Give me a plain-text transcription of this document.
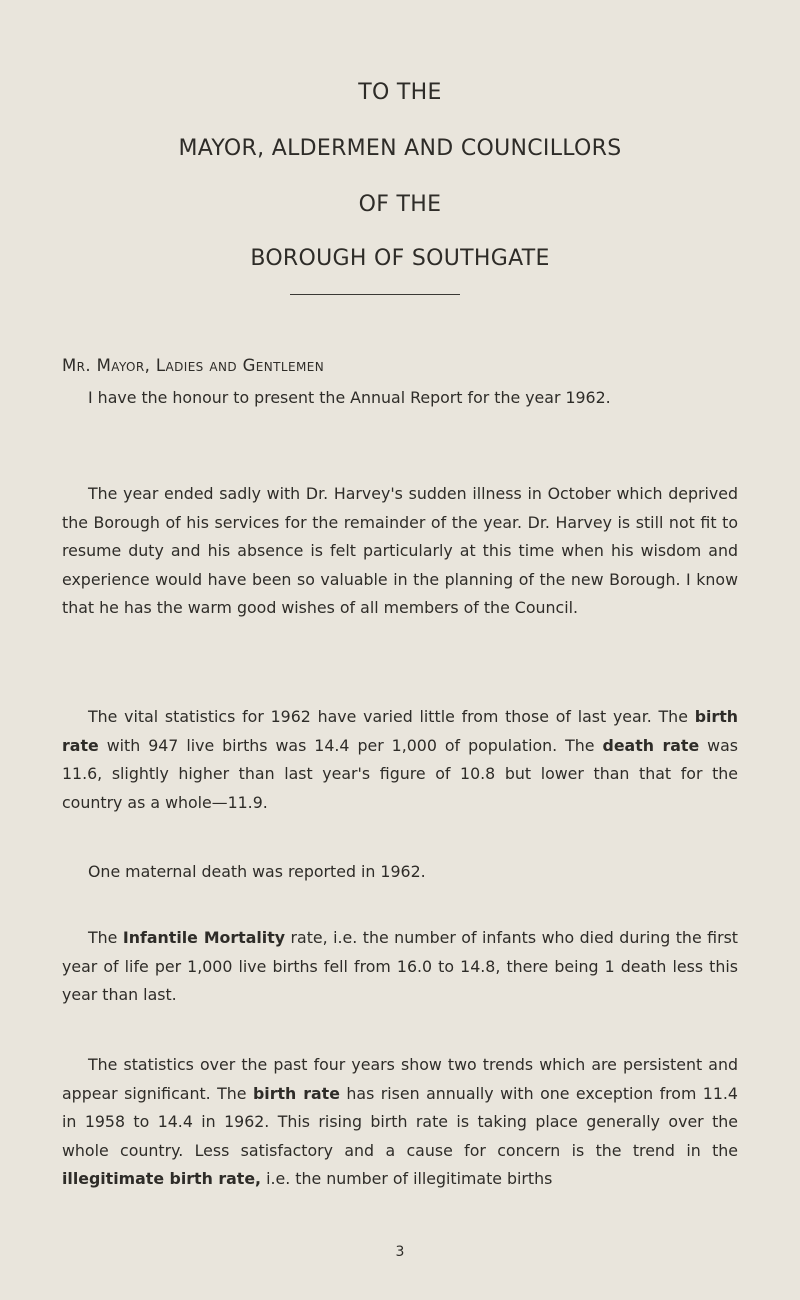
TO THE
MAYOR, ALDERMEN AND COUNCILLORS
OF THE
BOROUGH OF SOUTHGATE
Mr. Mayor, Ladies and Gentlemen

I have the honour to present the Annual Report for the year 1962.

The year ended sadly with Dr. Harvey's sudden illness in October which deprived the Borough of his services for the remainder of the year. Dr. Harvey is still not fit to resume duty and his absence is felt particularly at this time when his wisdom and experience would have been so valuable in the planning of the new Borough. I know that he has the warm good wishes of all members of the Council.

The vital statistics for 1962 have varied little from those of last year. The birth rate with 947 live births was 14.4 per 1,000 of population. The death rate was 11.6, slightly higher than last year's figure of 10.8 but lower than that for the country as a whole—11.9.

One maternal death was reported in 1962.

The Infantile Mortality rate, i.e. the number of infants who died during the first year of life per 1,000 live births fell from 16.0 to 14.8, there being 1 death less this year than last.

The statistics over the past four years show two trends which are persistent and appear significant. The birth rate has risen annually with one exception from 11.4 in 1958 to 14.4 in 1962. This rising birth rate is taking place generally over the whole country. Less satisfactory and a cause for concern is the trend in the illegitimate birth rate, i.e. the number of illegitimate births

3
